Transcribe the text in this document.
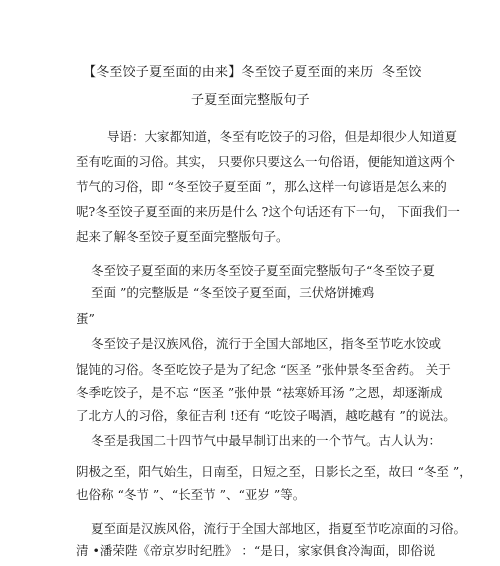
【冬至饺子夏至面的由来】冬至饺子夏至面的来历 冬至饺
子夏至面完整版句子
导语：大家都知道，冬至有吃饺子的习俗，但是却很少人知道夏
至有吃面的习俗。其实， 只要你只要这么一句俗语，便能知道这两个
节气的习俗，即 “冬至饺子夏至面 ”，那么这样一句谚语是怎么来的
呢?冬至饺子夏至面的来历是什么 ?这个句话还有下一句， 下面我们一
起来了解冬至饺子夏至面完整版句子。
冬至饺子夏至面的来历冬至饺子夏至面完整版句子“冬至饺子夏
至面 ”的完整版是 “冬至饺子夏至面，三伏烙饼摊鸡
蛋”
冬至饺子是汉族风俗，流行于全国大部地区，指冬至节吃水饺或
馄饨的习俗。冬至吃饺子是为了纪念 “医圣 ”张仲景冬至舍药。 关于
冬季吃饺子，是不忘 “医圣 ”张仲景 “祛寒娇耳汤 ”之恩，却逐渐成
了北方人的习俗，象征吉利 !还有 “吃饺子喝酒，越吃越有 ”的说法。
冬至是我国二十四节气中最早制订出来的一个节气。古人认为：
阴极之至，阳气始生，日南至，日短之至，日影长之至，故曰 “冬至 ”，
也俗称 “冬节 ”、“长至节 ”、“亚岁 ”等。
夏至面是汉族风俗，流行于全国大部地区，指夏至节吃凉面的习俗。
清 •潘荣陛《帝京岁时纪胜》 ：“是日，家家俱食冷淘面，即俗说
